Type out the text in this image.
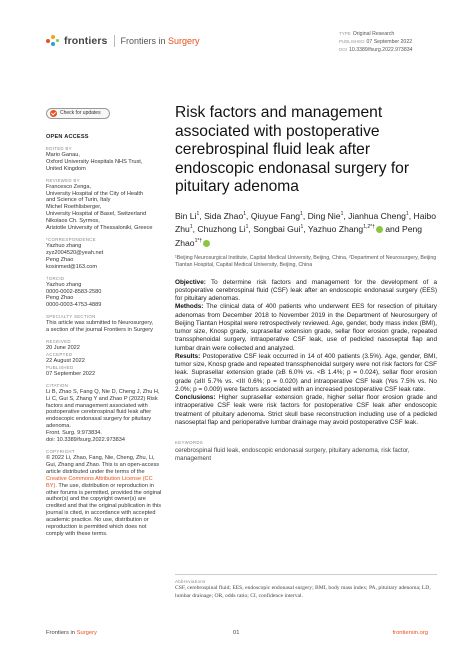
frontiers Frontiers in Surgery
TYPE Original Research
PUBLISHED 07 September 2022
DOI 10.3389/fsurg.2022.973834
Check for updates
OPEN ACCESS
EDITED BY
Mario Ganau,
Oxford University Hospitals NHS Trust,
United Kingdom
REVIEWED BY
Francesco Zenga,
University Hospital of the City of Health
and Science of Turin, Italy
Michel Roethlisberger,
University Hospital of Basel, Switzerland
Nikolaos Ch. Syrmos,
Aristotle University of Thessaloniki, Greece
*CORRESPONDENCE
Yazhuo zhang
zyz2004520@yeah.net
Peng Zhao
kosinmed@163.com
†ORCID
Yazhuo zhang
0000-0002-8583-2580
Peng Zhao
0000-0003-4753-4889
SPECIALTY SECTION
This article was submitted to Neurosurgery,
a section of the journal Frontiers in Surgery
RECEIVED
20 June 2022
ACCEPTED
22 August 2022
PUBLISHED
07 September 2022
CITATION
Li B, Zhao S, Fang Q, Nie D, Cheng J, Zhu H, Li C, Gui S, Zhang Y and Zhao P (2022) Risk
factors and management associated with
postoperative cerebrospinal fluid leak after
endoscopic endonasal surgery for pituitary
adenoma.
Front. Surg. 9:973834.
doi: 10.3389/fsurg.2022.973834
COPYRIGHT
© 2022 Li, Zhao, Fang, Nie, Cheng, Zhu, Li, Gui, Zhang and Zhao. This is an open-access article distributed under the terms of the Creative Commons Attribution License (CC BY). The use, distribution or reproduction in other forums is permitted, provided the original author(s) and the copyright owner(s) are credited and that the original publication in this journal is cited, in accordance with accepted academic practice. No use, distribution or reproduction is permitted which does not comply with these terms.
Risk factors and management associated with postoperative cerebrospinal fluid leak after endoscopic endonasal surgery for pituitary adenoma
Bin Li$^1$, Sida Zhao$^1$, Qiuyue Fang$^1$, Ding Nie$^1$, Jianhua Cheng$^1$, Haibo Zhu$^1$, Chuzhong Li$^1$, Songbai Gui$^1$, Yazhuo Zhang$^{1,2*\dagger}$ and Peng Zhao$^{1*\dagger}$
¹Beijing Neurosurgical Institute, Capital Medical University, Beijing, China, ²Department of Neurosurgery, Beijing Tiantan Hospital, Capital Medical University, Beijing, China

Objective: To determine risk factors and management for the development of a postoperative cerebrospinal fluid (CSF) leak after an endoscopic endonasal surgery (EES) for pituitary adenomas.

Methods: The clinical data of 400 patients who underwent EES for resection of pituitary adenomas from December 2018 to November 2019 in the Department of Neurosurgery of Beijing Tiantan Hospital were retrospectively reviewed. Age, gender, body mass index (BMI), tumor size, Knosp grade, suprasellar extension grade, sellar floor erosion grade, repeated transsphenoidal surgery, intraoperative CSF leak, use of pedicled nasoseptal flap and lumbar drain were collected and analyzed.

Results: Postoperative CSF leak occurred in 14 of 400 patients (3.5%). Age, gender, BMI, tumor size, Knosp grade and repeated transsphenoidal surgery were not risk factors for CSF leak. Suprasellar extension grade (≥B 6.0% vs. <B 1.4%; p = 0.024), sellar floor erosion grade (≥III 5.7% vs. <III 0.6%; p = 0.020) and intraoperative CSF leak (Yes 7.5% vs. No 2.0%; p = 0.009) were factors associated with an increased postoperative CSF leak rate.

Conclusions: Higher suprasellar extension grade, higher sellar floor erosion grade and intraoperative CSF leak were risk factors for postoperative CSF leak after endoscopic treatment of pituitary adenoma. Strict skull base reconstruction including use of a pedicled nasoseptal flap and perioperative lumbar drainage may avoid postoperative CSF leak.

KEYWORDS
cerebrospinal fluid leak, endoscopic endonasal surgery, pituitary adenoma, risk factor, management
Abbreviations
CSF, cerebrospinal fluid; EES, endoscopic endonasal surgery; BMI, body mass index; PA, pituitary adenoma; LD, lumbar drainage; OR, odds ratio; CI, confidence interval.
Frontiers in Surgery	01	frontiersin.org
